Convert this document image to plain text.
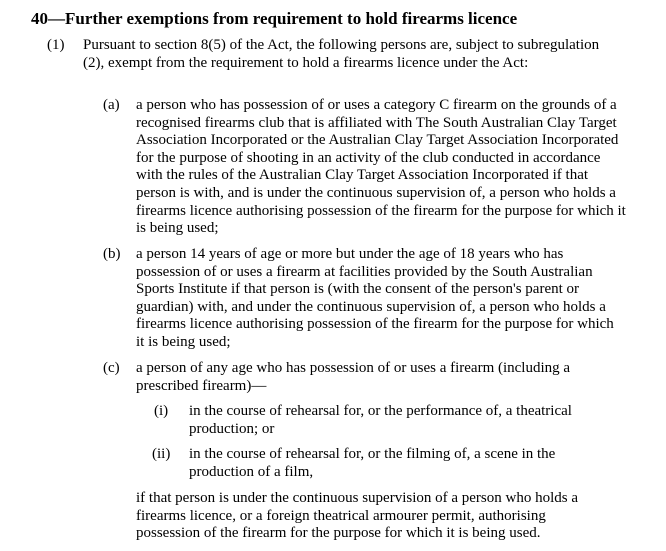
40—Further exemptions from requirement to hold firearms licence
(1) Pursuant to section 8(5) of the Act, the following persons are, subject to subregulation (2), exempt from the requirement to hold a firearms licence under the Act:
(a) a person who has possession of or uses a category C firearm on the grounds of a recognised firearms club that is affiliated with The South Australian Clay Target Association Incorporated or the Australian Clay Target Association Incorporated for the purpose of shooting in an activity of the club conducted in accordance with the rules of the Australian Clay Target Association Incorporated if that person is with, and is under the continuous supervision of, a person who holds a firearms licence authorising possession of the firearm for the purpose for which it is being used;
(b) a person 14 years of age or more but under the age of 18 years who has possession of or uses a firearm at facilities provided by the South Australian Sports Institute if that person is (with the consent of the person's parent or guardian) with, and under the continuous supervision of, a person who holds a firearms licence authorising possession of the firearm for the purpose for which it is being used;
(c) a person of any age who has possession of or uses a firearm (including a prescribed firearm)—
(i) in the course of rehearsal for, or the performance of, a theatrical production; or
(ii) in the course of rehearsal for, or the filming of, a scene in the production of a film,
if that person is under the continuous supervision of a person who holds a firearms licence, or a foreign theatrical armourer permit, authorising possession of the firearm for the purpose for which it is being used.
